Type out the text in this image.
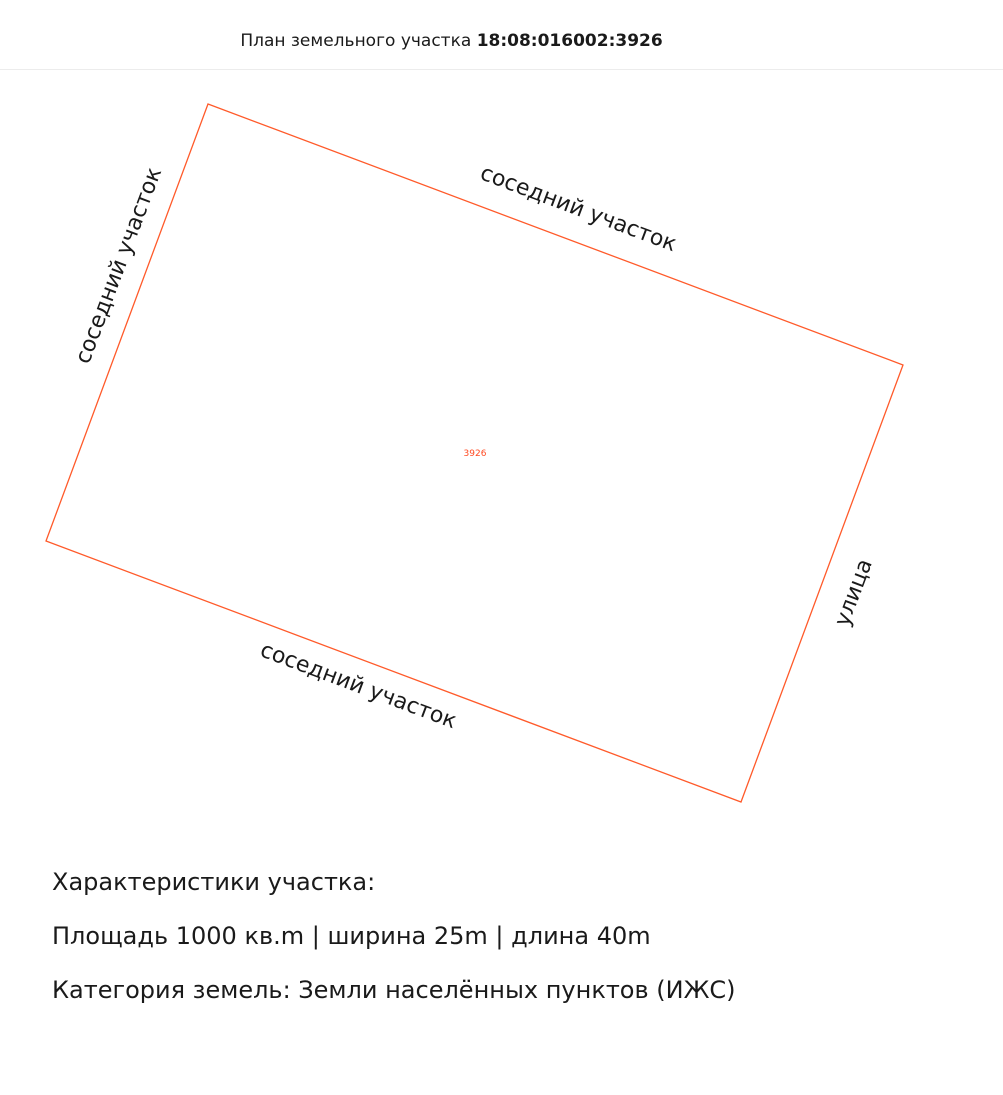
План земельного участка 18:08:016002:3926
3926
соседний участок
соседний участок
соседний участок
улица
Характеристики участка:
Площадь 1000 кв.m | ширина 25m | длина 40m
Категория земель: Земли населённых пунктов (ИЖС)
